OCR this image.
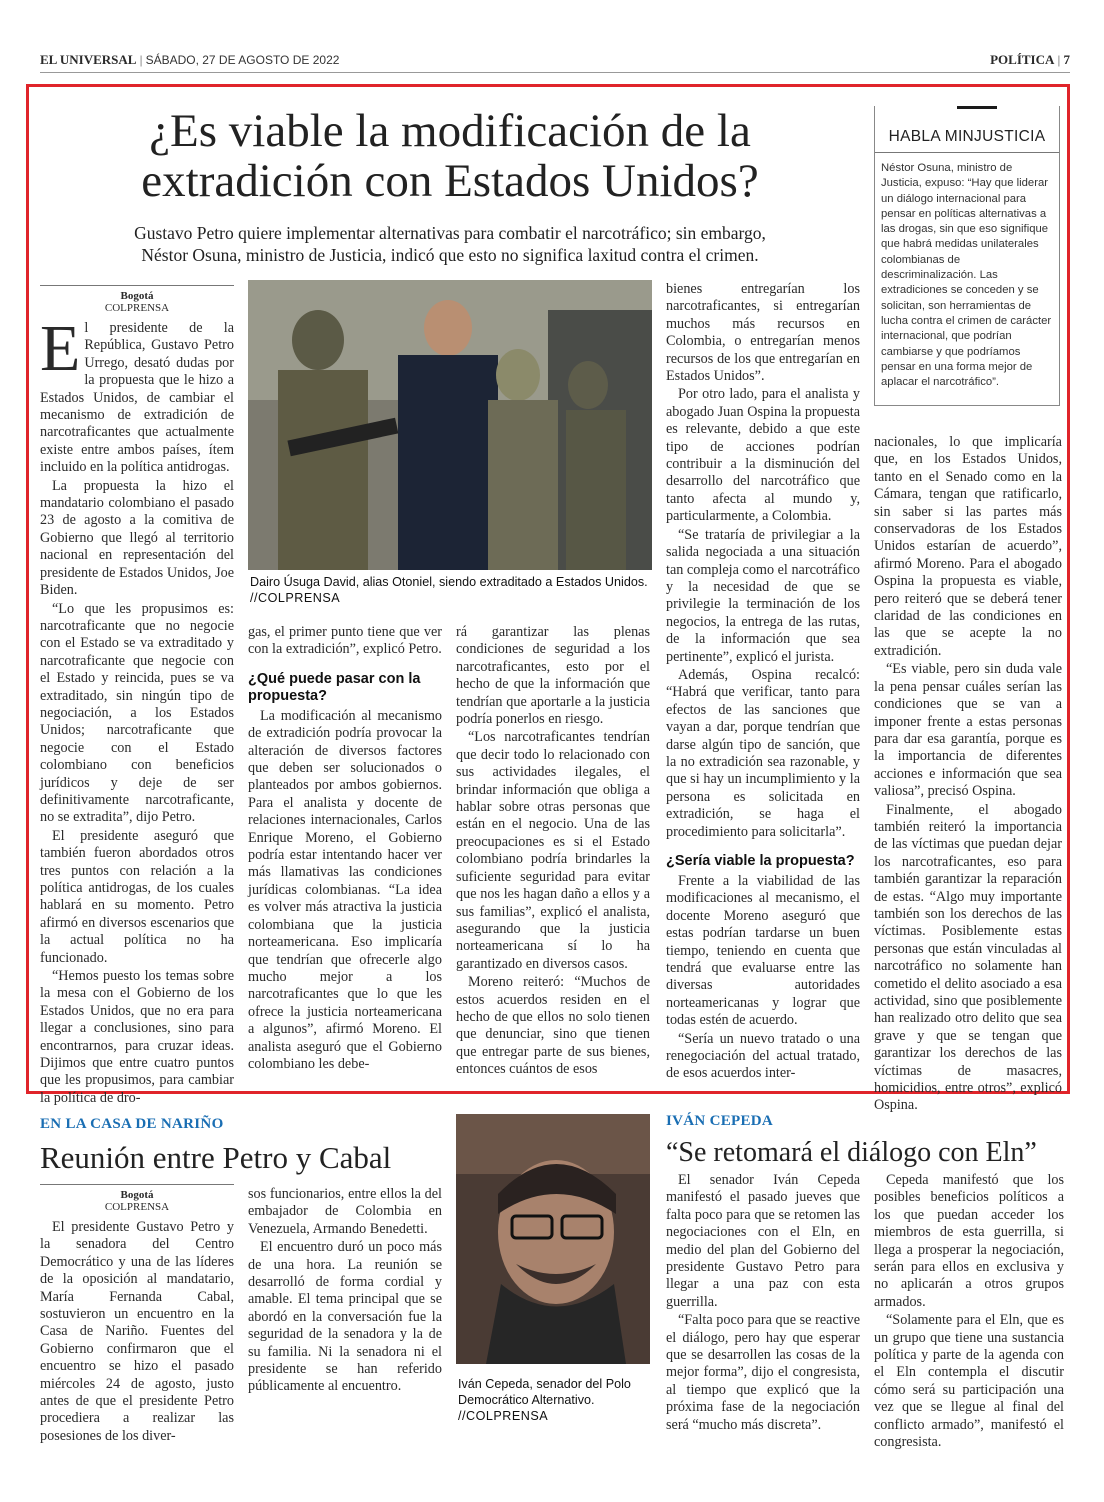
EL UNIVERSAL | SÁBADO, 27 DE AGOSTO DE 2022	POLÍTICA | 7
¿Es viable la modificación de la
extradición con Estados Unidos?
Gustavo Petro quiere implementar alternativas para combatir el narcotráfico; sin embargo,
Néstor Osuna, ministro de Justicia, indicó que esto no significa laxitud contra el crimen.
HABLA MINJUSTICIA
Néstor Osuna, ministro de Justicia, expuso: “Hay que liderar un diálogo internacional para pensar en políticas alternativas a las drogas, sin que eso signifique que habrá medidas unilaterales colombianas de descriminalización. Las extradiciones se conceden y se solicitan, son herramientas de lucha contra el crimen de carácter internacional, que podrían cambiarse y que podríamos pensar en una forma mejor de aplacar el narcotráfico”.
Bogotá
COLPRENSA

El presidente de la República, Gustavo Petro Urrego, desató dudas por la propuesta que le hizo a Estados Unidos, de cambiar el mecanismo de extradición de narcotraficantes que actualmente existe entre ambos países, ítem incluido en la política antidrogas.

La propuesta la hizo el mandatario colombiano el pasado 23 de agosto a la comitiva de Gobierno que llegó al territorio nacional en representación del presidente de Estados Unidos, Joe Biden.

“Lo que les propusimos es: narcotraficante que no negocie con el Estado se va extraditado y narcotraficante que negocie con el Estado y reincida, pues se va extraditado, sin ningún tipo de negociación, a los Estados Unidos; narcotraficante que negocie con el Estado colombiano con beneficios jurídicos y deje de ser definitivamente narcotraficante, no se extradita”, dijo Petro.

El presidente aseguró que también fueron abordados otros tres puntos con relación a la política antidrogas, de los cuales hablará en su momento. Petro afirmó en diversos escenarios que la actual política no ha funcionado.

“Hemos puesto los temas sobre la mesa con el Gobierno de los Estados Unidos, que no era para llegar a conclusiones, sino para encontrarnos, para cruzar ideas. Dijimos que entre cuatro puntos que les propusimos, para cambiar la política de dro-

Dairo Úsuga David, alias Otoniel, siendo extraditado a Estados Unidos. //COLPRENSA

gas, el primer punto tiene que ver con la extradición”, explicó Petro.

¿Qué puede pasar con la propuesta?

La modificación al mecanismo de extradición podría provocar la alteración de diversos factores que deben ser solucionados o planteados por ambos gobiernos. Para el analista y docente de relaciones internacionales, Carlos Enrique Moreno, el Gobierno podría estar intentando hacer ver más llamativas las condiciones jurídicas colombianas. “La idea es volver más atractiva la justicia colombiana que la justicia norteamericana. Eso implicaría que tendrían que ofrecerle algo mucho mejor a los narcotraficantes que lo que les ofrece la justicia norteamericana a algunos”, afirmó Moreno. El analista aseguró que el Gobierno colombiano les debe-

rá garantizar las plenas condiciones de seguridad a los narcotraficantes, esto por el hecho de que la información que tendrían que aportarle a la justicia podría ponerlos en riesgo.

“Los narcotraficantes tendrían que decir todo lo relacionado con sus actividades ilegales, el brindar información que obliga a hablar sobre otras personas que están en el negocio. Una de las preocupaciones es si el Estado colombiano podría brindarles la suficiente seguridad para evitar que nos les hagan daño a ellos y a sus familias”, explicó el analista, asegurando que la justicia norteamericana sí lo ha garantizado en diversos casos.

Moreno reiteró: “Muchos de estos acuerdos residen en el hecho de que ellos no solo tienen que denunciar, sino que tienen que entregar parte de sus bienes, entonces cuántos de esos

bienes entregarían los narcotraficantes, si entregarían muchos más recursos en Colombia, o entregarían menos recursos de los que entregarían en Estados Unidos”.

Por otro lado, para el analista y abogado Juan Ospina la propuesta es relevante, debido a que este tipo de acciones podrían contribuir a la disminución del desarrollo del narcotráfico que tanto afecta al mundo y, particularmente, a Colombia.

“Se trataría de privilegiar a la salida negociada a una situación tan compleja como el narcotráfico y la necesidad de que se privilegie la terminación de los negocios, la entrega de las rutas, de la información que sea pertinente”, explicó el jurista.

Además, Ospina recalcó: “Habrá que verificar, tanto para efectos de las sanciones que vayan a dar, porque tendrían que darse algún tipo de sanción, que la no extradición sea razonable, y que si hay un incumplimiento y la persona es solicitada en extradición, se haga el procedimiento para solicitarla”.

¿Sería viable la propuesta?

Frente a la viabilidad de las modificaciones al mecanismo, el docente Moreno aseguró que estas podrían tardarse un buen tiempo, teniendo en cuenta que tendrá que evaluarse entre las diversas autoridades norteamericanas y lograr que todas estén de acuerdo.

“Sería un nuevo tratado o una renegociación del actual tratado, de esos acuerdos inter-

nacionales, lo que implicaría que, en los Estados Unidos, tanto en el Senado como en la Cámara, tengan que ratificarlo, sin saber si las partes más conservadoras de los Estados Unidos estarían de acuerdo”, afirmó Moreno. Para el abogado Ospina la propuesta es viable, pero reiteró que se deberá tener claridad de las condiciones en las que se acepte la no extradición.

“Es viable, pero sin duda vale la pena pensar cuáles serían las condiciones que se van a imponer frente a estas personas para dar esa garantía, porque es la importancia de diferentes acciones e información que sea valiosa”, precisó Ospina.

Finalmente, el abogado también reiteró la importancia de las víctimas que puedan dejar los narcotraficantes, eso para también garantizar la reparación de estas. “Algo muy importante también son los derechos de las víctimas. Posiblemente estas personas que están vinculadas al narcotráfico no solamente han cometido el delito asociado a esa actividad, sino que posiblemente han realizado otro delito que sea grave y que se tengan que garantizar los derechos de las víctimas de masacres, homicidios, entre otros”, explicó Ospina.

EN LA CASA DE NARIÑO
Reunión entre Petro y Cabal
Bogotá
COLPRENSA

El presidente Gustavo Petro y la senadora del Centro Democrático y una de las líderes de la oposición al mandatario, María Fernanda Cabal, sostuvieron un encuentro en la Casa de Nariño. Fuentes del Gobierno confirmaron que el encuentro se hizo el pasado miércoles 24 de agosto, justo antes de que el presidente Petro procediera a realizar las posesiones de los diver-

sos funcionarios, entre ellos la del embajador de Colombia en Venezuela, Armando Benedetti.

El encuentro duró un poco más de una hora. La reunión se desarrolló de forma cordial y amable. El tema principal que se abordó en la conversación fue la seguridad de la senadora y la de su familia. Ni la senadora ni el presidente se han referido públicamente al encuentro.	Iván Cepeda, senador del Polo Democrático Alternativo. //COLPRENSA
IVÁN CEPEDA
“Se retomará el diálogo con Eln”

El senador Iván Cepeda manifestó el pasado jueves que falta poco para que se retomen las negociaciones con el Eln, en medio del plan del Gobierno del presidente Gustavo Petro para llegar a una paz con esta guerrilla.

“Falta poco para que se reactive el diálogo, pero hay que esperar que se desarrollen las cosas de la mejor forma”, dijo el congresista, al tiempo que explicó que la próxima fase de la negociación será “mucho más discreta”.

Cepeda manifestó que los posibles beneficios políticos a los que puedan acceder los miembros de esta guerrilla, si llega a prosperar la negociación, serán para ellos en exclusiva y no aplicarán a otros grupos armados.

“Solamente para el Eln, que es un grupo que tiene una sustancia política y parte de la agenda con el Eln contempla el discutir cómo será su participación una vez que se llegue al final del conflicto armado”, manifestó el congresista.
